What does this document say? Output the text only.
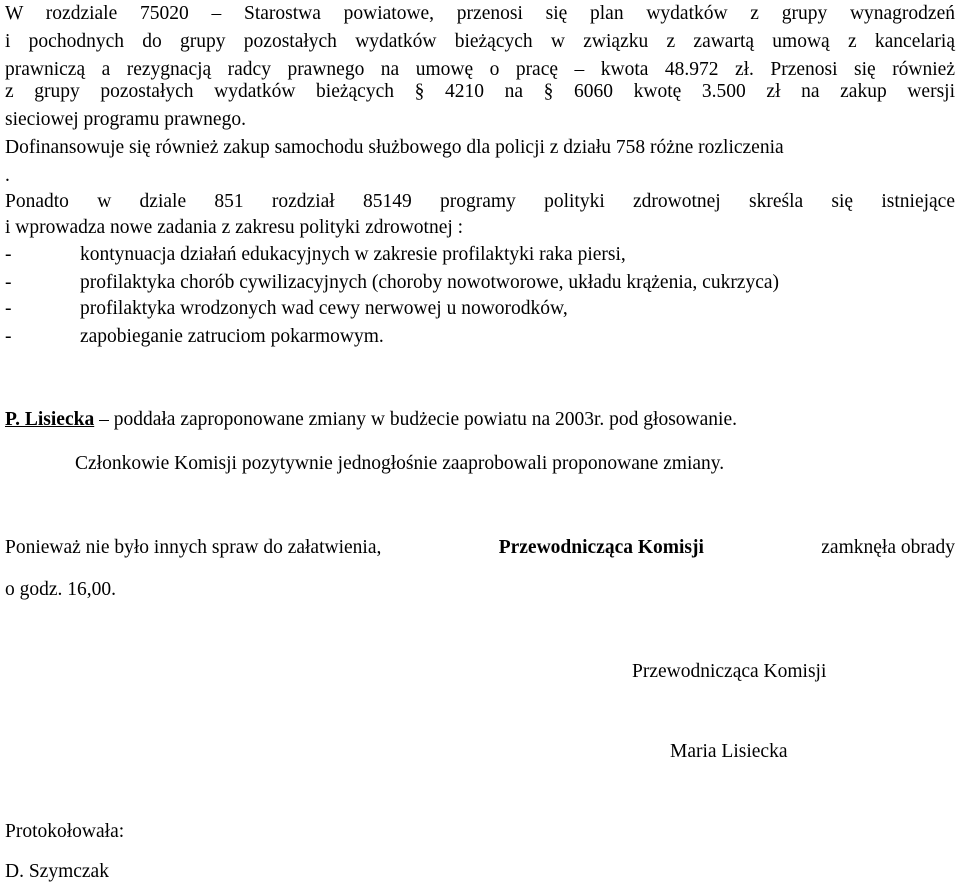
W rozdziale 75020 – Starostwa powiatowe, przenosi się plan wydatków z grupy wynagrodzeń
i pochodnych do grupy pozostałych wydatków bieżących w związku z zawartą umową z kancelarią
prawniczą a rezygnacją radcy prawnego na umowę o pracę – kwota 48.972 zł. Przenosi się również
z grupy pozostałych wydatków bieżących § 4210 na § 6060 kwotę 3.500 zł na zakup wersji
sieciowej programu prawnego.
Dofinansowuje się również zakup samochodu służbowego dla policji z działu 758 różne rozliczenia
.
Ponadto w dziale 851 rozdział 85149 programy polityki zdrowotnej skreśla się istniejące
i wprowadza nowe zadania z zakresu polityki zdrowotnej :
-	kontynuacja działań edukacyjnych w zakresie profilaktyki raka piersi,
-	profilaktyka chorób cywilizacyjnych (choroby nowotworowe, układu krążenia, cukrzyca)
-	profilaktyka wrodzonych wad cewy nerwowej u noworodków,
-	zapobieganie zatruciom pokarmowym.
P. Lisiecka – poddała zaproponowane zmiany w budżecie powiatu na 2003r. pod głosowanie.
Członkowie Komisji pozytywnie jednogłośnie zaaprobowali proponowane zmiany.
Ponieważ nie było innych spraw do załatwienia,	Przewodnicząca Komisji	zamknęła obrady
o godz. 16,00.
Przewodnicząca Komisji
Maria Lisiecka
Protokołowała:
D. Szymczak
